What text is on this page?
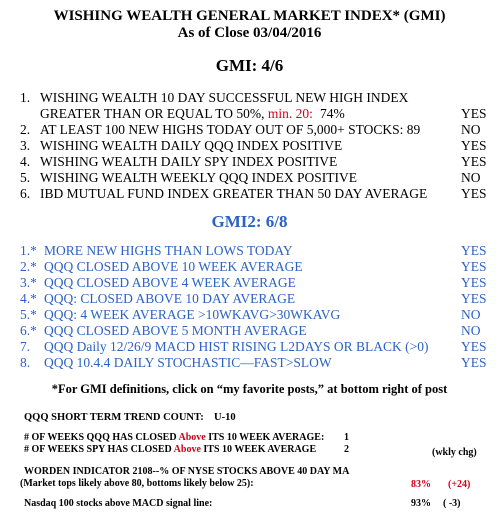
WISHING WEALTH GENERAL MARKET INDEX* (GMI)
As of Close 03/04/2016
GMI: 4/6
1. WISHING WEALTH 10 DAY SUCCESSFUL NEW HIGH INDEX
GREATER THAN OR EQUAL TO 50%, min. 20: 74%	YES
2. AT LEAST 100 NEW HIGHS TODAY OUT OF 5,000+ STOCKS: 89	NO
3. WISHING WEALTH DAILY QQQ INDEX POSITIVE	YES
4. WISHING WEALTH DAILY SPY INDEX POSITIVE	YES
5. WISHING WEALTH WEEKLY QQQ INDEX POSITIVE	NO
6. IBD MUTUAL FUND INDEX GREATER THAN 50 DAY AVERAGE YES
GMI2: 6/8
1.* MORE NEW HIGHS THAN LOWS TODAY	YES
2.* QQQ CLOSED ABOVE 10 WEEK AVERAGE	YES
3.* QQQ CLOSED ABOVE 4 WEEK AVERAGE	YES
4.* QQQ: CLOSED ABOVE 10 DAY AVERAGE	YES
5.* QQQ: 4 WEEK AVERAGE >10WKAVG>30WKAVG	NO
6.* QQQ CLOSED ABOVE 5 MONTH AVERAGE	NO
7. QQQ Daily 12/26/9 MACD HIST RISING L2DAYS OR BLACK (>0) YES
8. QQQ 10.4.4 DAILY STOCHASTIC—FAST>SLOW	YES
*For GMI definitions, click on “my favorite posts,” at bottom right of post
QQQ SHORT TERM TREND COUNT: U-10
# OF WEEKS QQQ HAS CLOSED Above ITS 10 WEEK AVERAGE: 1
# OF WEEKS SPY HAS CLOSED Above ITS 10 WEEK AVERAGE	2	(wkly chg)
WORDEN INDICATOR 2108--% OF NYSE STOCKS ABOVE 40 DAY MA
(Market tops likely above 80, bottoms likely below 25):	83% (+24)
Nasdaq 100 stocks above MACD signal line:	93% ( -3)
